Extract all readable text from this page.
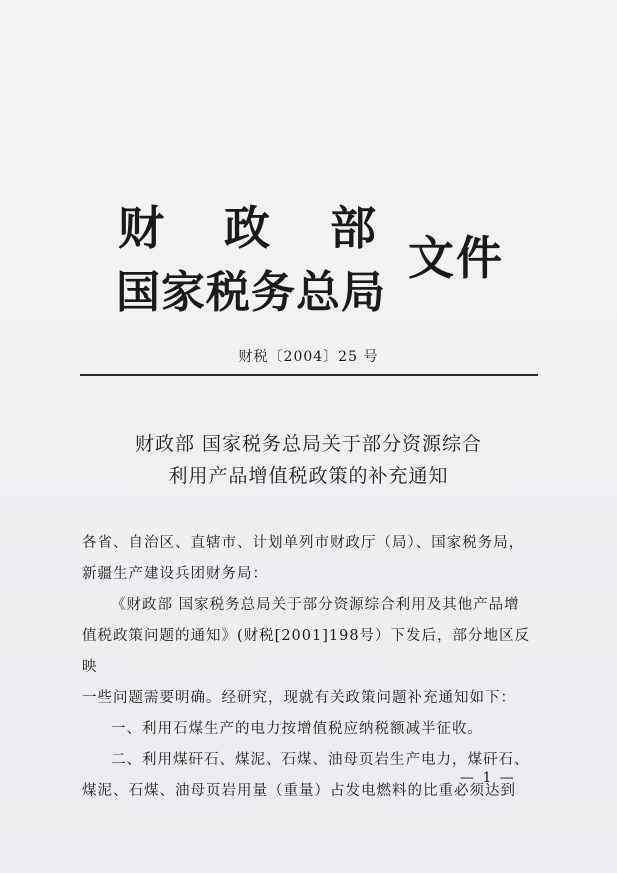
财 政 部
国家税务总局
文件
财税〔2004〕25 号
财政部 国家税务总局关于部分资源综合
利用产品增值税政策的补充通知

各省、自治区、直辖市、计划单列市财政厅（局）、国家税务局，

新疆生产建设兵团财务局：

《财政部 国家税务总局关于部分资源综合利用及其他产品增

值税政策问题的通知》(财税[2001]198号）下发后，部分地区反映

一些问题需要明确。经研究，现就有关政策问题补充通知如下：

一、利用石煤生产的电力按增值税应纳税额减半征收。

二、利用煤矸石、煤泥、石煤、油母页岩生产电力，煤矸石、

煤泥、石煤、油母页岩用量（重量）占发电燃料的比重必须达到

— 1 —
